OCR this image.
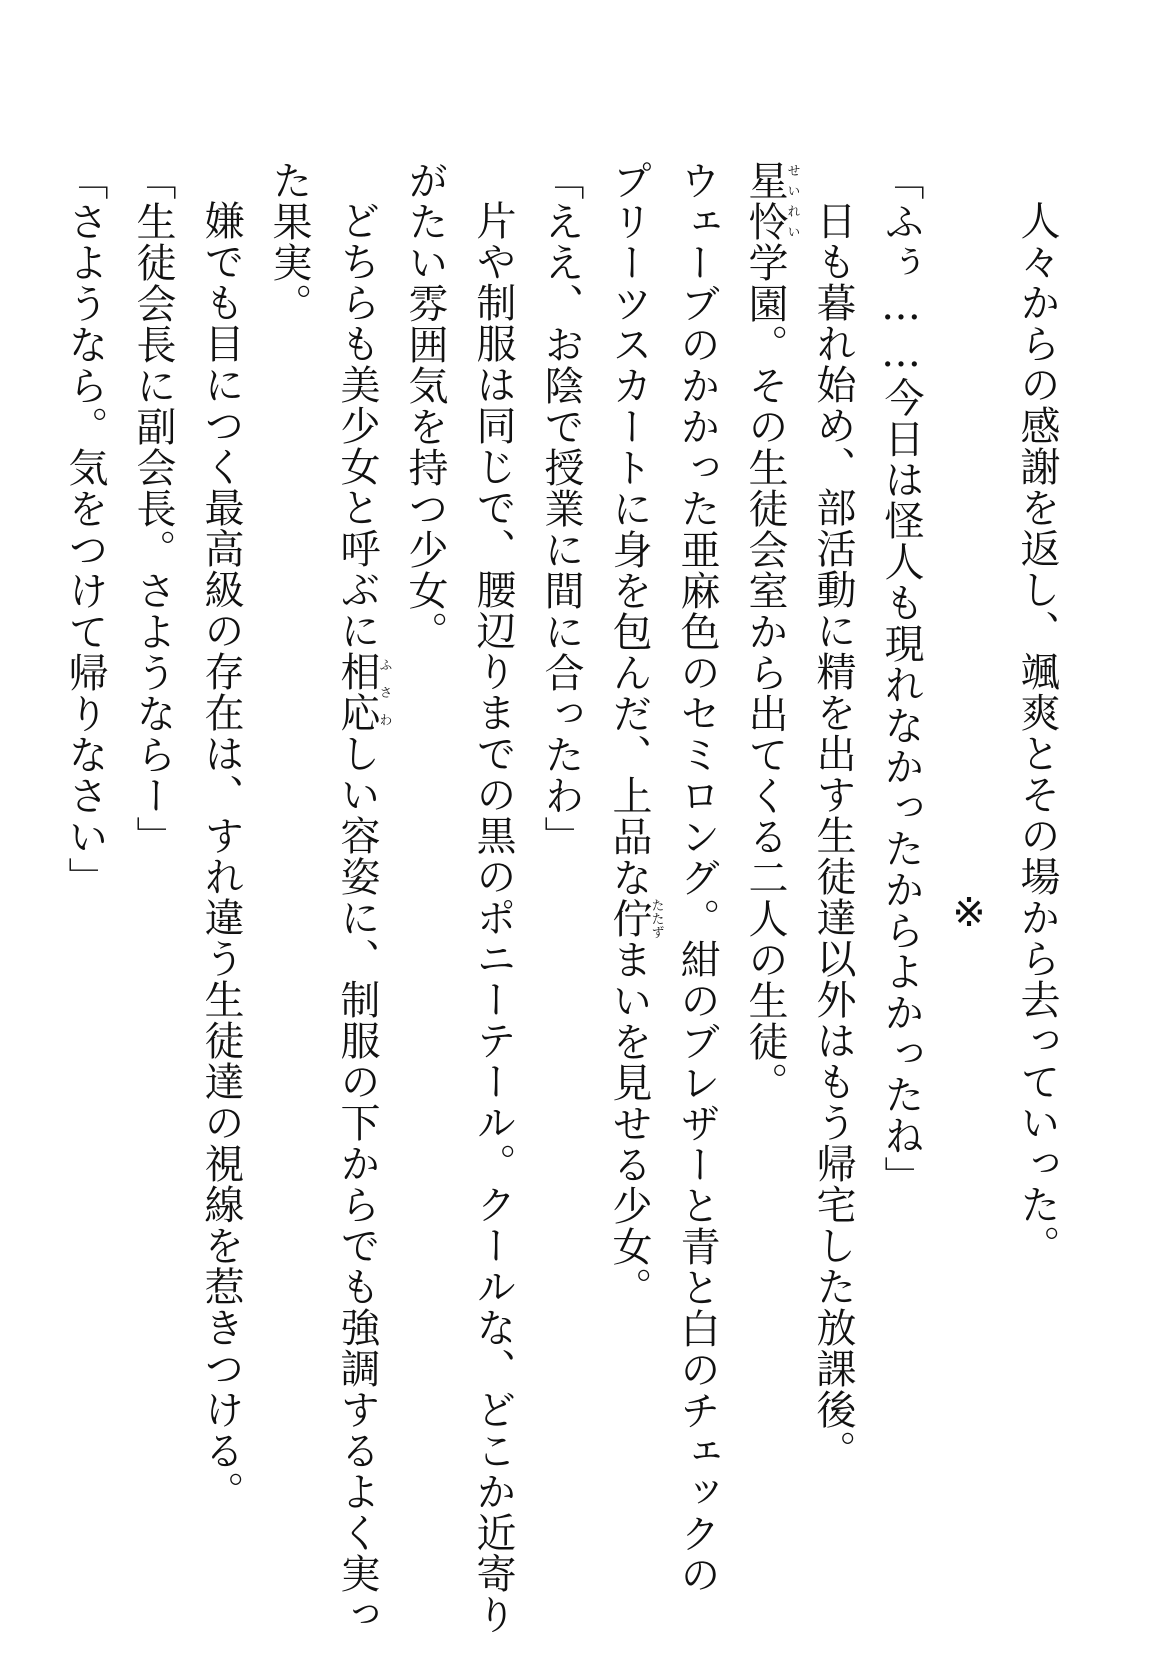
人々からの感謝を返し、颯爽とその場から去っていった。
※
「ふぅ……今日は怪人も現れなかったからよかったね」
日も暮れ始め、部活動に精を出す生徒達以外はもう帰宅した放課後。
星怜せいれい学園。その生徒会室から出てくる二人の生徒。
ウェーブのかかった亜麻色のセミロング。紺のブレザーと青と白のチェックの
プリーツスカートに身を包んだ、上品な佇たたずまいを見せる少女。
「ええ、お陰で授業に間に合ったわ」
片や制服は同じで、腰辺りまでの黒のポニーテール。クールな、どこか近寄り
がたい雰囲気を持つ少女。
どちらも美少女と呼ぶに相応ふさわしい容姿に、制服の下からでも強調するよく実っ
た果実。
嫌でも目につく最高級の存在は、すれ違う生徒達の視線を惹きつける。
「生徒会長に副会長。さようならー」
「さようなら。気をつけて帰りなさい」
